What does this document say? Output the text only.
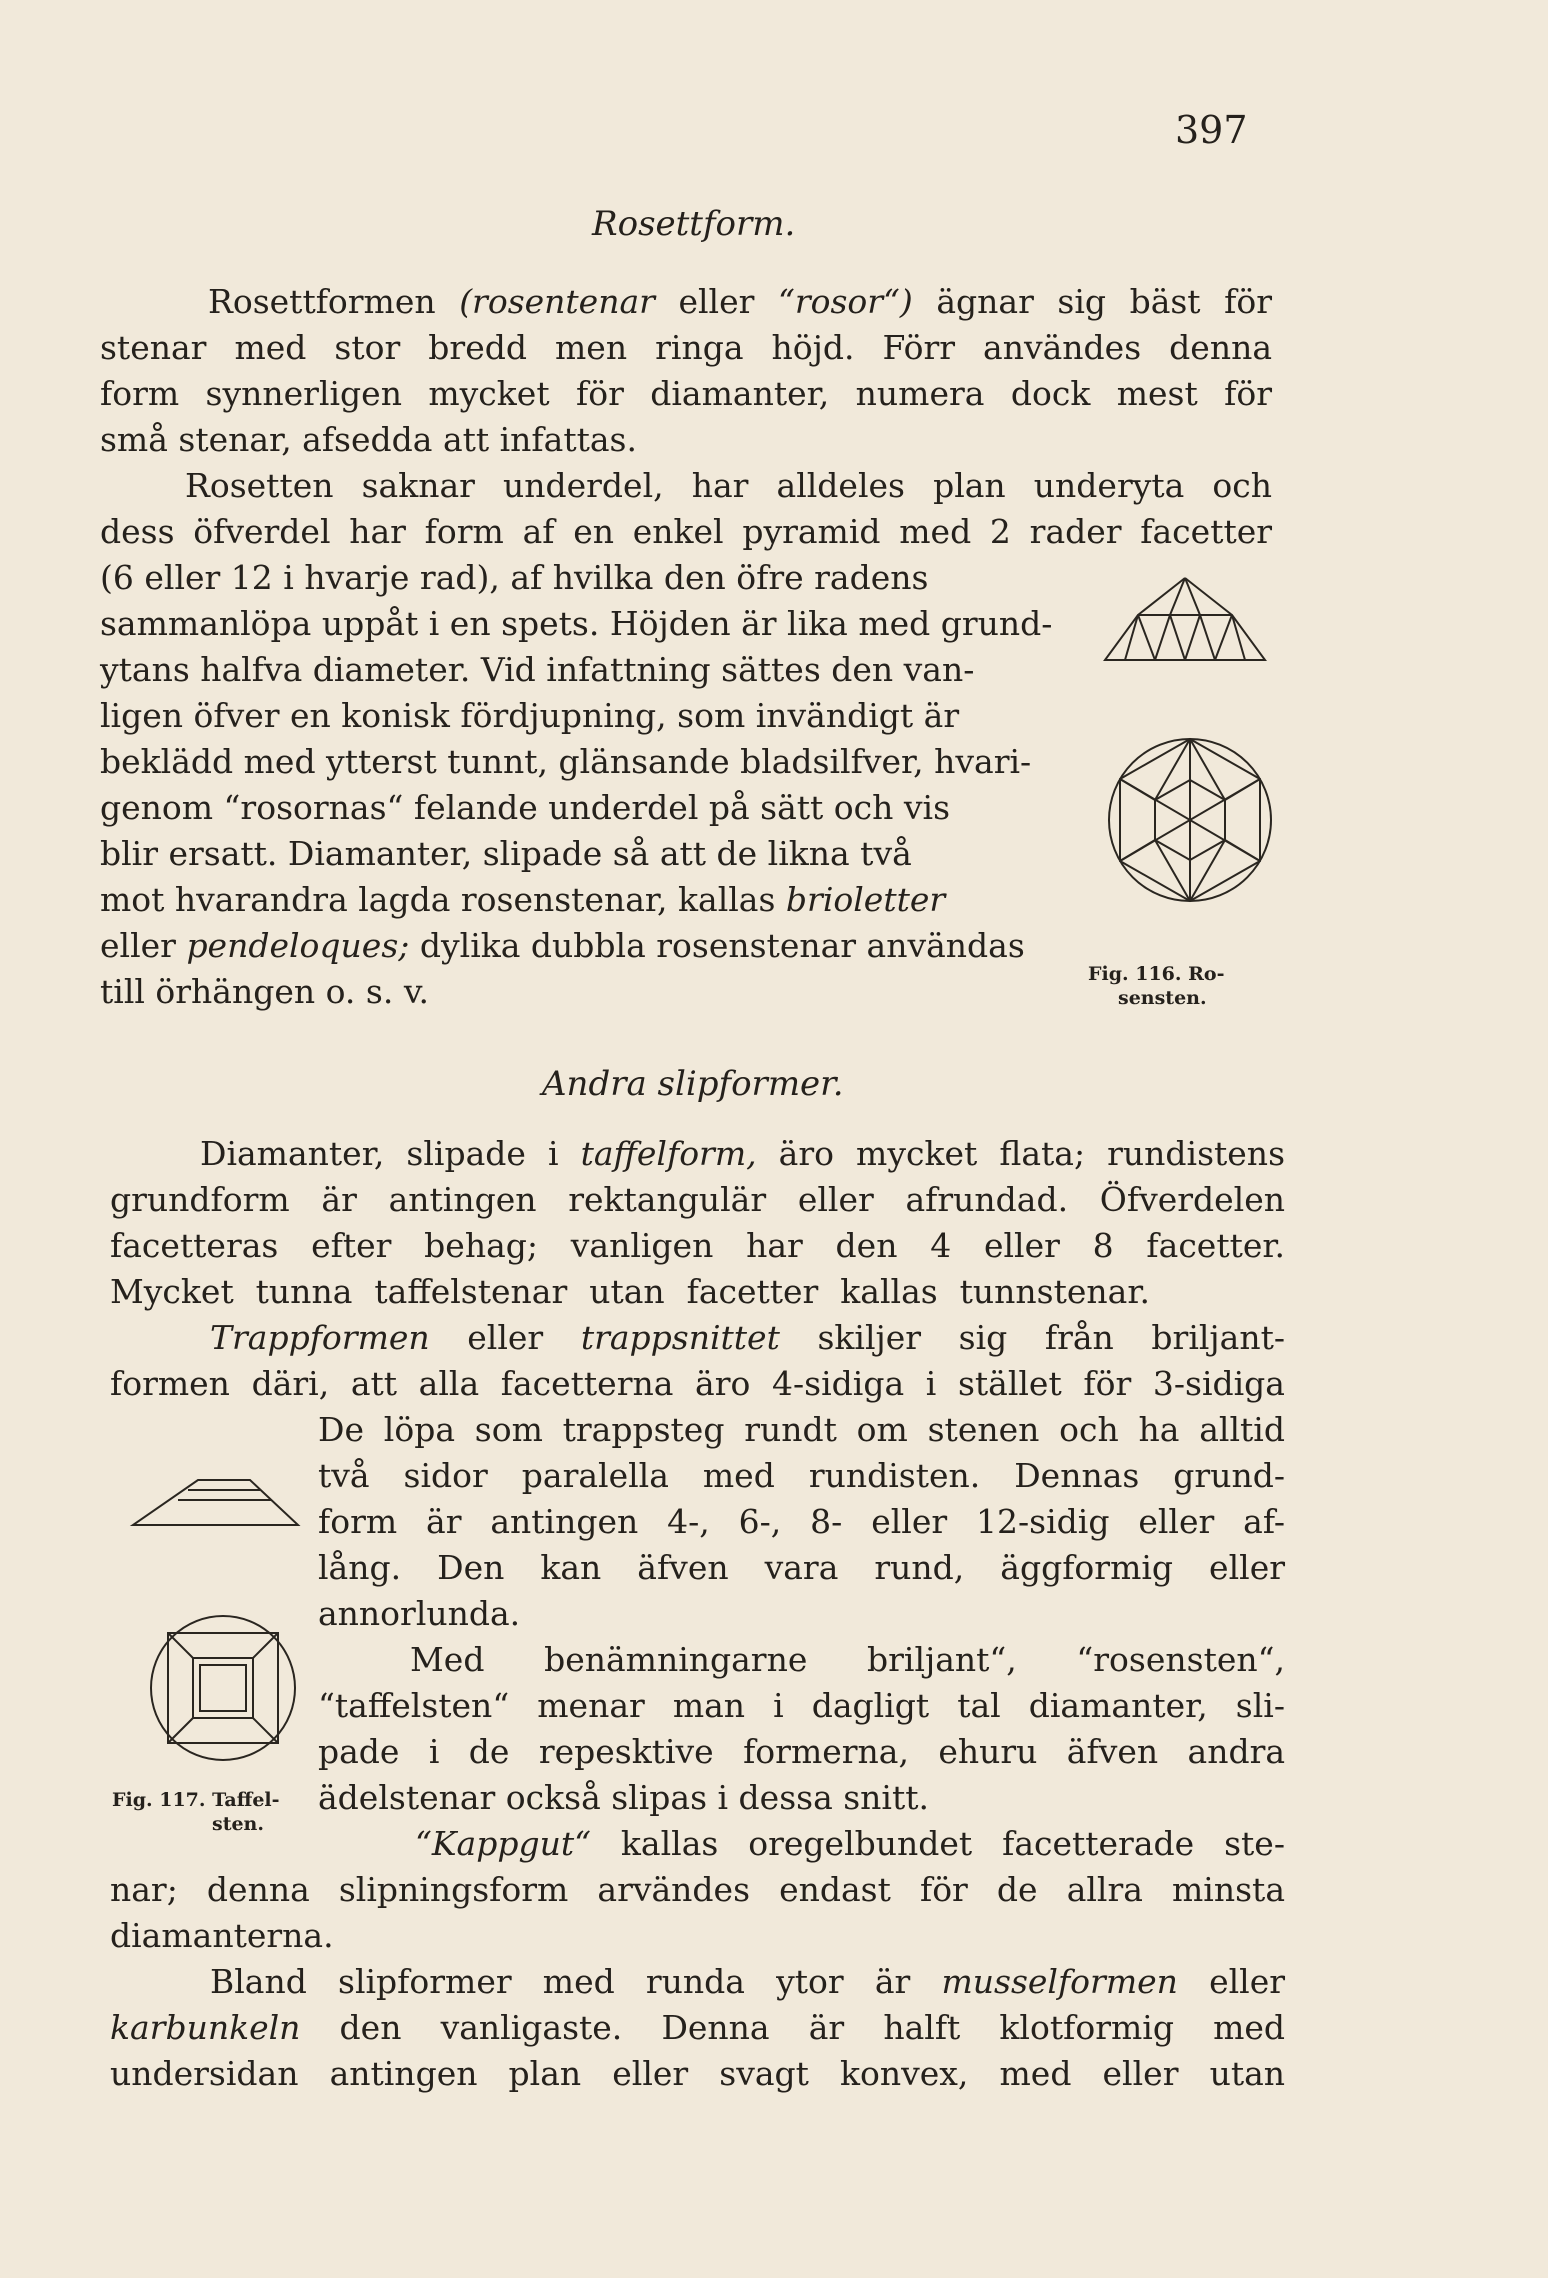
397
Rosettform.
Fig. 116. Ro-
sensten.
Andra slipformer.
Fig. 117. Taffel-
sten.
Rosettformen (rosentenar eller “rosor“) ägnar sig bäst för
stenar med stor bredd men ringa höjd. Förr användes denna
form synnerligen mycket för diamanter, numera dock mest för
små stenar, afsedda att infattas.
Rosetten saknar underdel, har alldeles plan underyta och
dess öfverdel har form af en enkel pyramid med 2 rader facetter
(6 eller 12 i hvarje rad), af hvilka den öfre radens
sammanlöpa uppåt i en spets. Höjden är lika med grund-
ytans halfva diameter. Vid infattning sättes den van-
ligen öfver en konisk fördjupning, som invändigt är
beklädd med ytterst tunnt, glänsande bladsilfver, hvari-
genom “rosornas“ felande underdel på sätt och vis
blir ersatt. Diamanter, slipade så att de likna två
mot hvarandra lagda rosenstenar, kallas brioletter
eller pendeloques; dylika dubbla rosenstenar användas
till örhängen o. s. v.
Diamanter, slipade i taffelform, äro mycket flata; rundistens
grundform är antingen rektangulär eller afrundad. Öfverdelen
facetteras efter behag; vanligen har den 4 eller 8 facetter.
Mycket tunna taffelstenar utan facetter kallas tunnstenar.
Trappformen eller trappsnittet skiljer sig från briljant-
formen däri, att alla facetterna äro 4-sidiga i stället för 3-sidiga
De löpa som trappsteg rundt om stenen och ha alltid
två sidor paralella med rundisten. Dennas grund-
form är antingen 4-, 6-, 8- eller 12-sidig eller af-
lång. Den kan äfven vara rund, äggformig eller
annorlunda.
Med benämningarne briljant“, “rosensten“,
“taffelsten“ menar man i dagligt tal diamanter, sli-
pade i de repesktive formerna, ehuru äfven andra
ädelstenar också slipas i dessa snitt.
“Kappgut“ kallas oregelbundet facetterade ste-
nar; denna slipningsform arvändes endast för de allra minsta
diamanterna.
Bland slipformer med runda ytor är musselformen eller
karbunkeln den vanligaste. Denna är halft klotformig med
undersidan antingen plan eller svagt konvex, med eller utan
